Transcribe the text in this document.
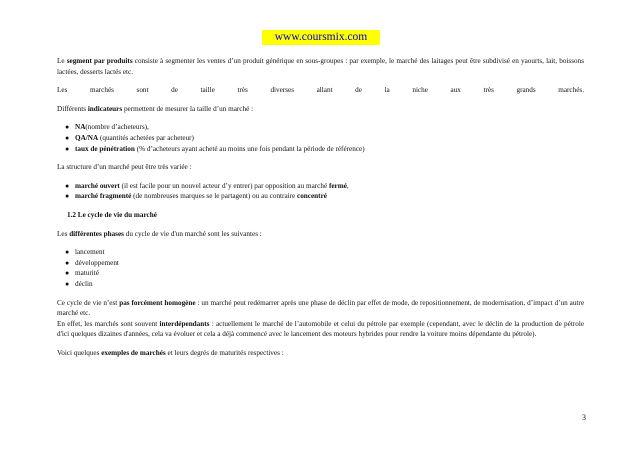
www.coursmix.com

Le segment par produits consiste à segmenter les ventes d’un produit générique en sous-groupes : par exemple, le marché des laitages peut être subdivisé en yaourts, lait, boissons lactées, desserts lactés etc.

Les	marchés	sont	de	taille	très	diverses	allant	de	la	niche	aux	très	grands	marchés.

Différents indicateurs permettent de mesurer la taille d’un marché :

● NA(nombre d’acheteurs),
● QA/NA (quantités achetées par acheteur)
● taux de pénétration (% d’acheteurs ayant acheté au moins une fois pendant la période de référence)

La structure d’un marché peut être très variée :

● marché ouvert (il est facile pour un nouvel acteur d’y entrer) par opposition au marché fermé,
● marché fragmenté (de nombreuses marques se le partagent) ou au contraire concentré

1.2 Le cycle de vie du marché

Les différentes phases du cycle de vie d'un marché sont les suivantes :

● lancement
● développement
● maturité
● déclin

Ce cycle de vie n’est pas forcément homogène : un marché peut redémarrer après une phase de déclin par effet de mode, de repositionnement, de modernisation, d’impact d’un autre marché etc.

En effet, les marchés sont souvent interdépendants : actuellement le marché de l’automobile et celui du pétrole par exemple (cependant, avec le déclin de la production de pétrole d'ici quelques dizaines d'années, cela va évoluer et cela a déjà commencé avec le lancement des moteurs hybrides pour rendre la voiture moins dépendante du pétrole).

Voici quelques exemples de marchés et leurs degrés de maturités respectives :

3
